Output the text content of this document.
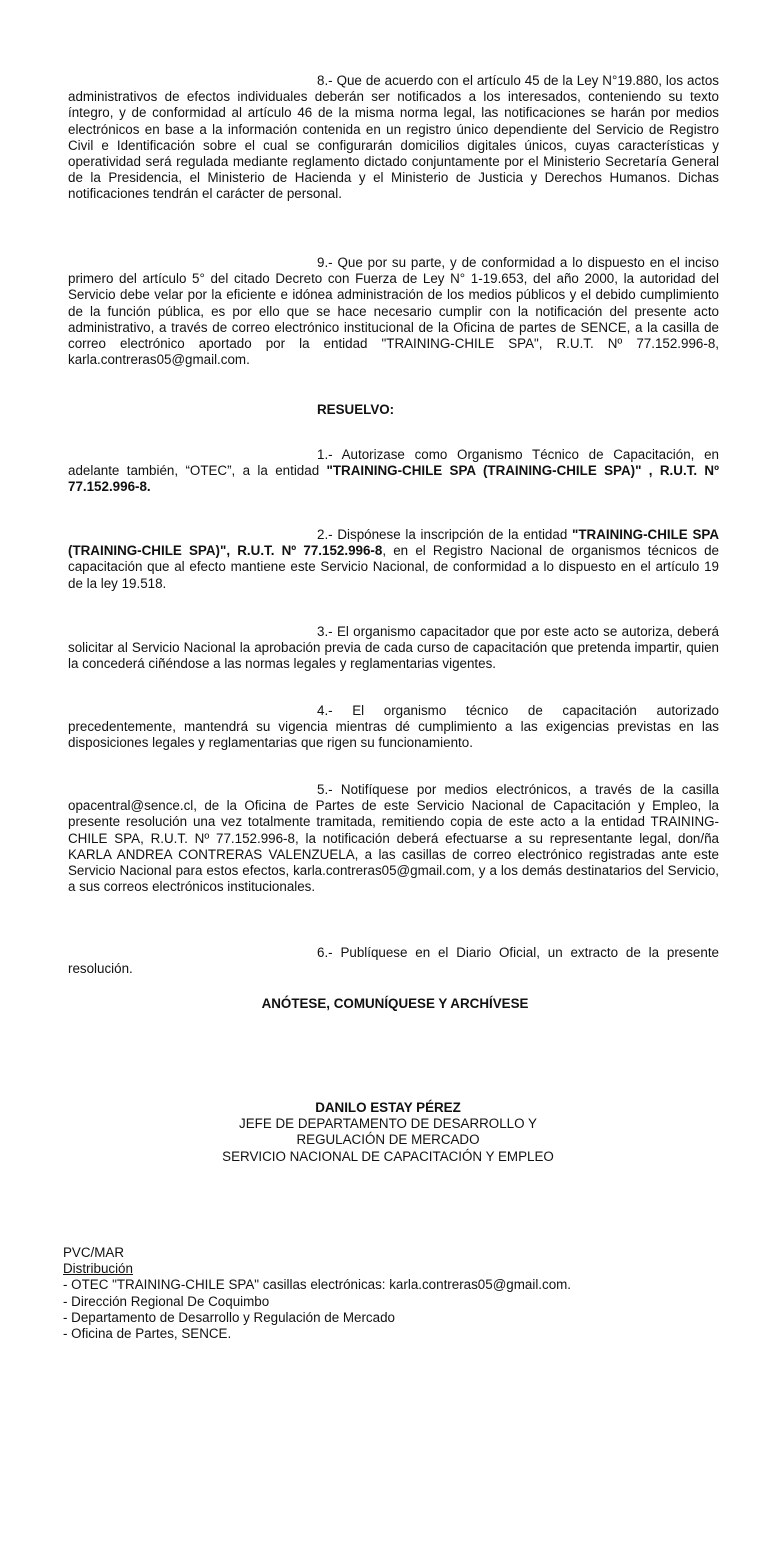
8.- Que de acuerdo con el artículo 45 de la Ley N°19.880, los actos administrativos de efectos individuales deberán ser notificados a los interesados, conteniendo su texto íntegro, y de conformidad al artículo 46 de la misma norma legal, las notificaciones se harán por medios electrónicos en base a la información contenida en un registro único dependiente del Servicio de Registro Civil e Identificación sobre el cual se configurarán domicilios digitales únicos, cuyas características y operatividad será regulada mediante reglamento dictado conjuntamente por el Ministerio Secretaría General de la Presidencia, el Ministerio de Hacienda y el Ministerio de Justicia y Derechos Humanos. Dichas notificaciones tendrán el carácter de personal.

9.- Que por su parte, y de conformidad a lo dispuesto en el inciso primero del artículo 5° del citado Decreto con Fuerza de Ley N° 1-19.653, del año 2000, la autoridad del Servicio debe velar por la eficiente e idónea administración de los medios públicos y el debido cumplimiento de la función pública, es por ello que se hace necesario cumplir con la notificación del presente acto administrativo, a través de correo electrónico institucional de la Oficina de partes de SENCE, a la casilla de correo electrónico aportado por la entidad "TRAINING-CHILE SPA", R.U.T. Nº 77.152.996-8, karla.contreras05@gmail.com.

RESUELVO:

1.- Autorizase como Organismo Técnico de Capacitación, en adelante también, “OTEC”, a la entidad "TRAINING-CHILE SPA (TRAINING-CHILE SPA)" , R.U.T. Nº 77.152.996-8.

2.- Dispónese la inscripción de la entidad "TRAINING-CHILE SPA (TRAINING-CHILE SPA)", R.U.T. Nº 77.152.996-8, en el Registro Nacional de organismos técnicos de capacitación que al efecto mantiene este Servicio Nacional, de conformidad a lo dispuesto en el artículo 19 de la ley 19.518.

3.- El organismo capacitador que por este acto se autoriza, deberá solicitar al Servicio Nacional la aprobación previa de cada curso de capacitación que pretenda impartir, quien la concederá ciñéndose a las normas legales y reglamentarias vigentes.

4.- El organismo técnico de capacitación autorizado precedentemente, mantendrá su vigencia mientras dé cumplimiento a las exigencias previstas en las disposiciones legales y reglamentarias que rigen su funcionamiento.

5.- Notifíquese por medios electrónicos, a través de la casilla opacentral@sence.cl, de la Oficina de Partes de este Servicio Nacional de Capacitación y Empleo, la presente resolución una vez totalmente tramitada, remitiendo copia de este acto a la entidad TRAINING-CHILE SPA, R.U.T. Nº 77.152.996-8, la notificación deberá efectuarse a su representante legal, don/ña KARLA ANDREA CONTRERAS VALENZUELA, a las casillas de correo electrónico registradas ante este Servicio Nacional para estos efectos, karla.contreras05@gmail.com, y a los demás destinatarios del Servicio, a sus correos electrónicos institucionales.

6.- Publíquese en el Diario Oficial, un extracto de la presente resolución.

ANÓTESE, COMUNÍQUESE Y ARCHÍVESE

DANILO ESTAY PÉREZ
JEFE DE DEPARTAMENTO DE DESARROLLO Y
REGULACIÓN DE MERCADO
SERVICIO NACIONAL DE CAPACITACIÓN Y EMPLEO
PVC/MAR
Distribución
- OTEC "TRAINING-CHILE SPA" casillas electrónicas: karla.contreras05@gmail.com.
- Dirección Regional De Coquimbo
- Departamento de Desarrollo y Regulación de Mercado
- Oficina de Partes, SENCE.
